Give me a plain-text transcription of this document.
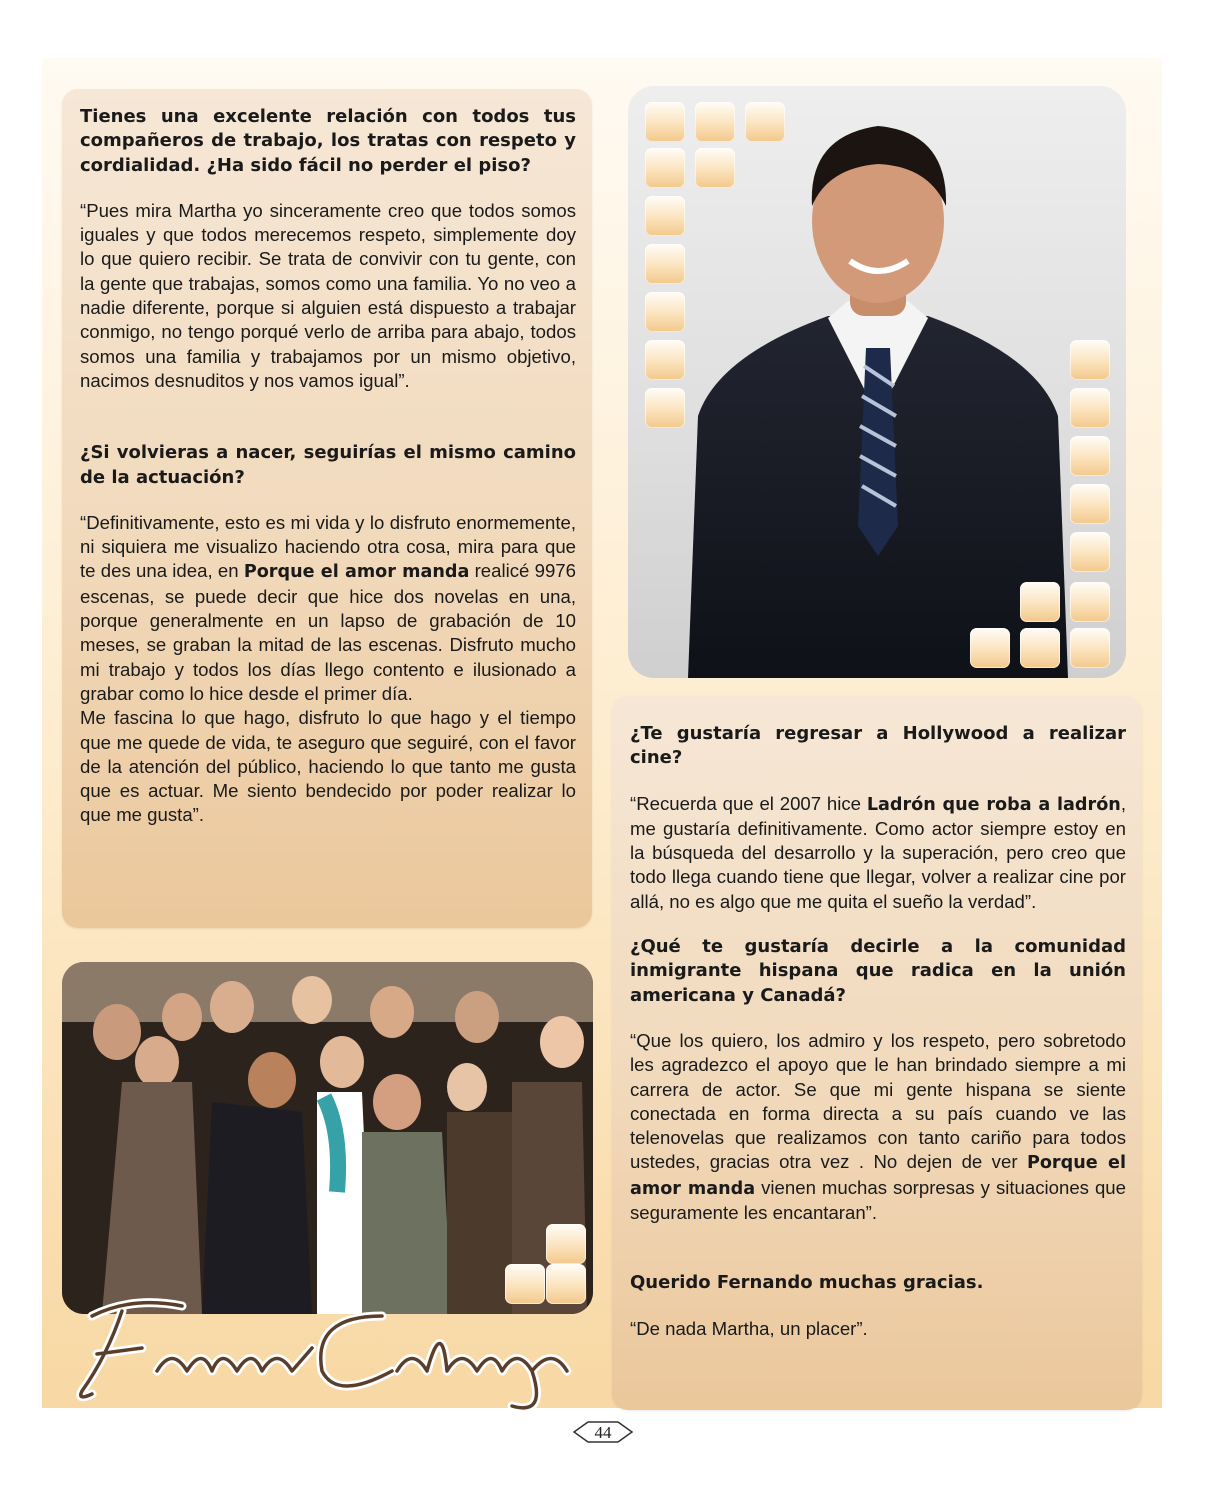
Tienes una excelente relación con todos tus compañeros de trabajo, los tratas con respeto y cordialidad. ¿Ha sido fácil no perder el piso?

“Pues mira Martha yo sinceramente creo que todos somos iguales y que todos merecemos respeto, simplemente doy lo que quiero recibir. Se trata de convivir con tu gente, con la gente que trabajas, somos como una familia. Yo no veo a nadie diferente, porque si alguien está dispuesto a trabajar conmigo, no tengo porqué verlo de arriba para abajo, todos somos una familia y trabajamos por un mismo objetivo, nacimos desnuditos y nos vamos igual”.

¿Si volvieras a nacer, seguirías el mismo camino de la actuación?

“Definitivamente, esto es mi vida y lo disfruto enormemente, ni siquiera me visualizo haciendo otra cosa, mira para que te des una idea, en Porque el amor manda realicé 9976 escenas, se puede decir que hice dos novelas en una, porque generalmente en un lapso de grabación de 10 meses, se graban la mitad de las escenas. Disfruto mucho mi trabajo y todos los días llego contento e ilusionado a grabar como lo hice desde el primer día.

Me fascina lo que hago, disfruto lo que hago y el tiempo que me quede de vida, te aseguro que seguiré, con el favor de la atención del público, haciendo lo que tanto me gusta que es actuar. Me siento bendecido por poder realizar lo que me gusta”.

¿Te gustaría regresar a Hollywood a realizar cine?

“Recuerda que el 2007 hice Ladrón que roba a ladrón, me gustaría definitivamente. Como actor siempre estoy en la búsqueda del desarrollo y la superación, pero creo que todo llega cuando tiene que llegar, volver a realizar cine por allá, no es algo que me quita el sueño la verdad”.

¿Qué te gustaría decirle a la comunidad inmigrante hispana que radica en la unión americana y Canadá?

“Que los quiero, los admiro y los respeto, pero sobretodo les agradezco el apoyo que le han brindado siempre a mi carrera de actor. Se que mi gente hispana se siente conectada en forma directa a su país cuando ve las telenovelas que realizamos con tanto cariño para todos ustedes, gracias otra vez . No dejen de ver Porque el amor manda vienen muchas sorpresas y situaciones que seguramente les encantaran”.

Querido Fernando muchas gracias.

“De nada Martha, un placer”.

44
